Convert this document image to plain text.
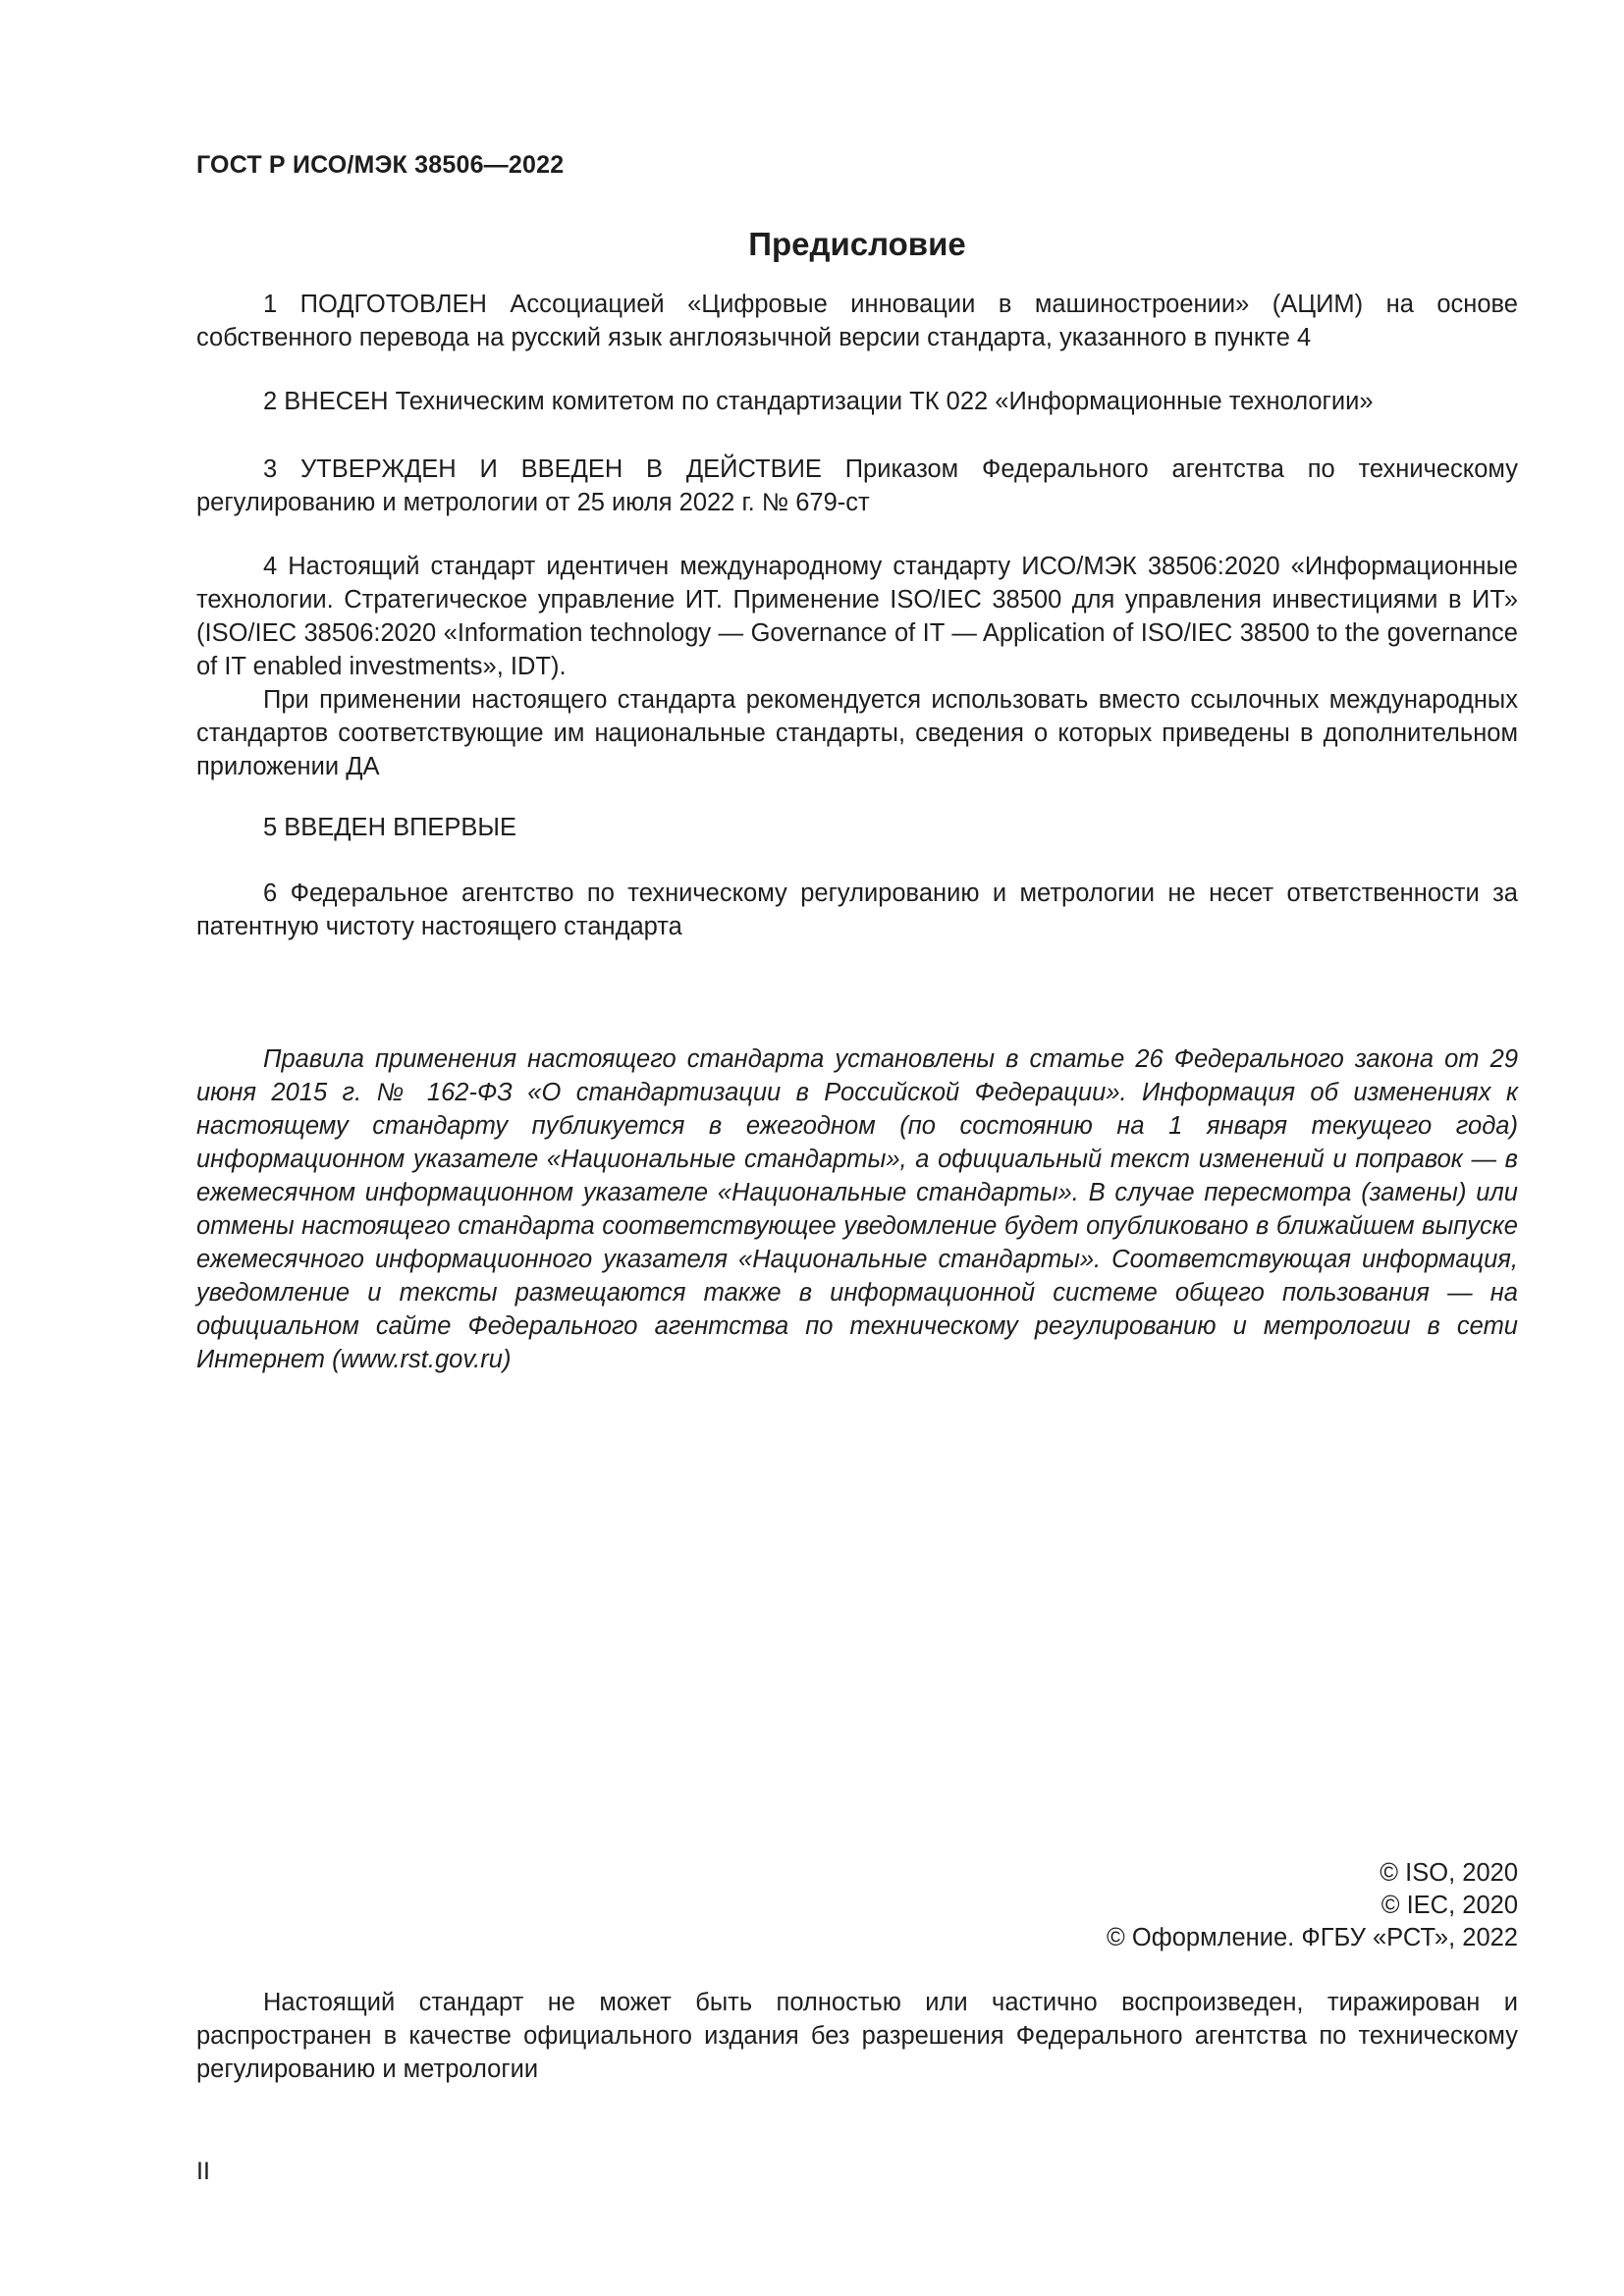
ГОСТ Р ИСО/МЭК 38506—2022
Предисловие

1 ПОДГОТОВЛЕН Ассоциацией «Цифровые инновации в машиностроении» (АЦИМ) на основе собственного перевода на русский язык англоязычной версии стандарта, указанного в пункте 4

2 ВНЕСЕН Техническим комитетом по стандартизации ТК 022 «Информационные технологии»

3 УТВЕРЖДЕН И ВВЕДЕН В ДЕЙСТВИЕ Приказом Федерального агентства по техническому регулированию и метрологии от 25 июля 2022 г. № 679-ст

4 Настоящий стандарт идентичен международному стандарту ИСО/МЭК 38506:2020 «Информационные технологии. Стратегическое управление ИТ. Применение ISO/IEC 38500 для управления инвестициями в ИТ» (ISO/IEC 38506:2020 «Information technology — Governance of IT — Application of ISO/IEC 38500 to the governance of IT enabled investments», IDT).

При применении настоящего стандарта рекомендуется использовать вместо ссылочных международных стандартов соответствующие им национальные стандарты, сведения о которых приведены в дополнительном приложении ДА

5 ВВЕДЕН ВПЕРВЫЕ

6 Федеральное агентство по техническому регулированию и метрологии не несет ответственности за патентную чистоту настоящего стандарта

Правила применения настоящего стандарта установлены в статье 26 Федерального закона от 29 июня 2015 г. № 162-ФЗ «О стандартизации в Российской Федерации». Информация об изменениях к настоящему стандарту публикуется в ежегодном (по состоянию на 1 января текущего года) информационном указателе «Национальные стандарты», а официальный текст изменений и поправок — в ежемесячном информационном указателе «Национальные стандарты». В случае пересмотра (замены) или отмены настоящего стандарта соответствующее уведомление будет опубликовано в ближайшем выпуске ежемесячного информационного указателя «Национальные стандарты». Соответствующая информация, уведомление и тексты размещаются также в информационной системе общего пользования — на официальном сайте Федерального агентства по техническому регулированию и метрологии в сети Интернет (www.rst.gov.ru)

© ISO, 2020
© IEC, 2020
© Оформление. ФГБУ «РСТ», 2022

Настоящий стандарт не может быть полностью или частично воспроизведен, тиражирован и распространен в качестве официального издания без разрешения Федерального агентства по техническому регулированию и метрологии

II
